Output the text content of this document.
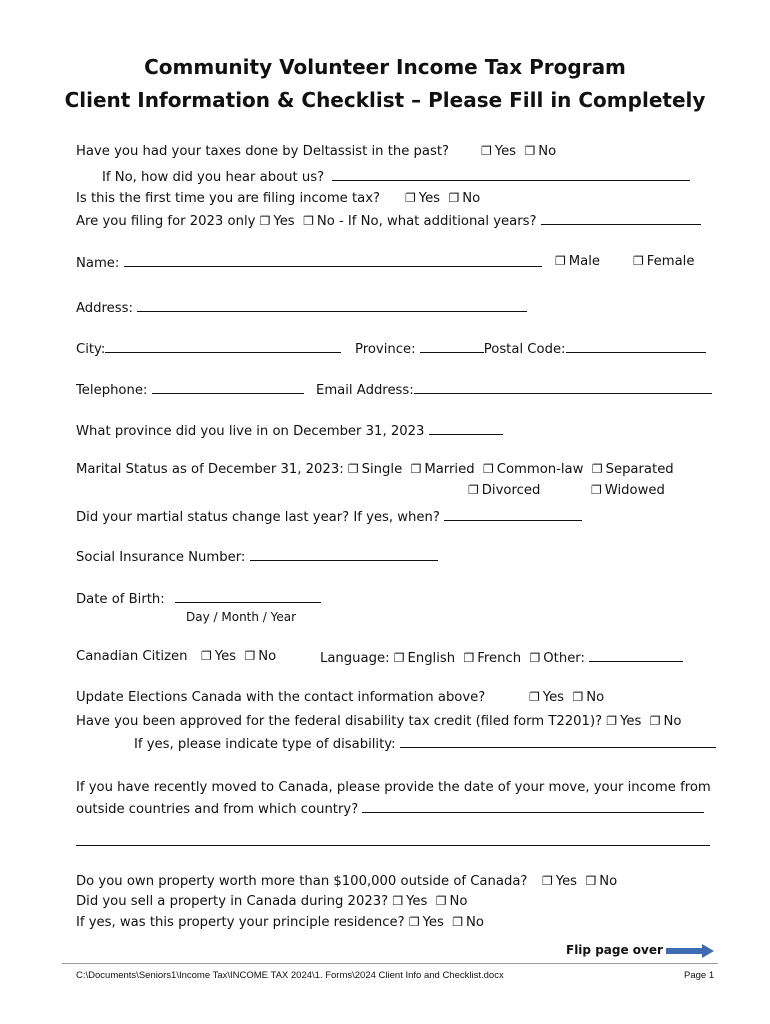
Community Volunteer Income Tax Program
Client Information & Checklist – Please Fill in Completely
Have you had your taxes done by Deltassist in the past?	❐ Yes ❐ No
If No, how did you hear about us?
Is this the first time you are filing income tax? ❐ Yes ❐ No
Are you filing for 2023 only ❐ Yes ❐ No - If No, what additional years?
Name:	❐ Male	❐ Female
Address:
City:	Province:	Postal Code:
Telephone:	Email Address:
What province did you live in on December 31, 2023
Marital Status as of December 31, 2023: ❐ Single ❐ Married ❐ Common-law ❐ Separated
❐ Divorced	❐ Widowed
Did your martial status change last year? If yes, when?
Social Insurance Number:
Date of Birth:
Day / Month / Year
Canadian Citizen ❐ Yes ❐ No	Language: ❐ English ❐ French ❐ Other:
Update Elections Canada with the contact information above?	❐ Yes ❐ No
Have you been approved for the federal disability tax credit (filed form T2201)? ❐ Yes ❐ No
If yes, please indicate type of disability:
If you have recently moved to Canada, please provide the date of your move, your income from
outside countries and from which country?
Do you own property worth more than $100,000 outside of Canada? ❐ Yes ❐ No
Did you sell a property in Canada during 2023? ❐ Yes ❐ No
If yes, was this property your principle residence? ❐ Yes ❐ No
Flip page over
C:\Documents\Seniors1\Income Tax\INCOME TAX 2024\1. Forms\2024 Client Info and Checklist.docx	Page 1
